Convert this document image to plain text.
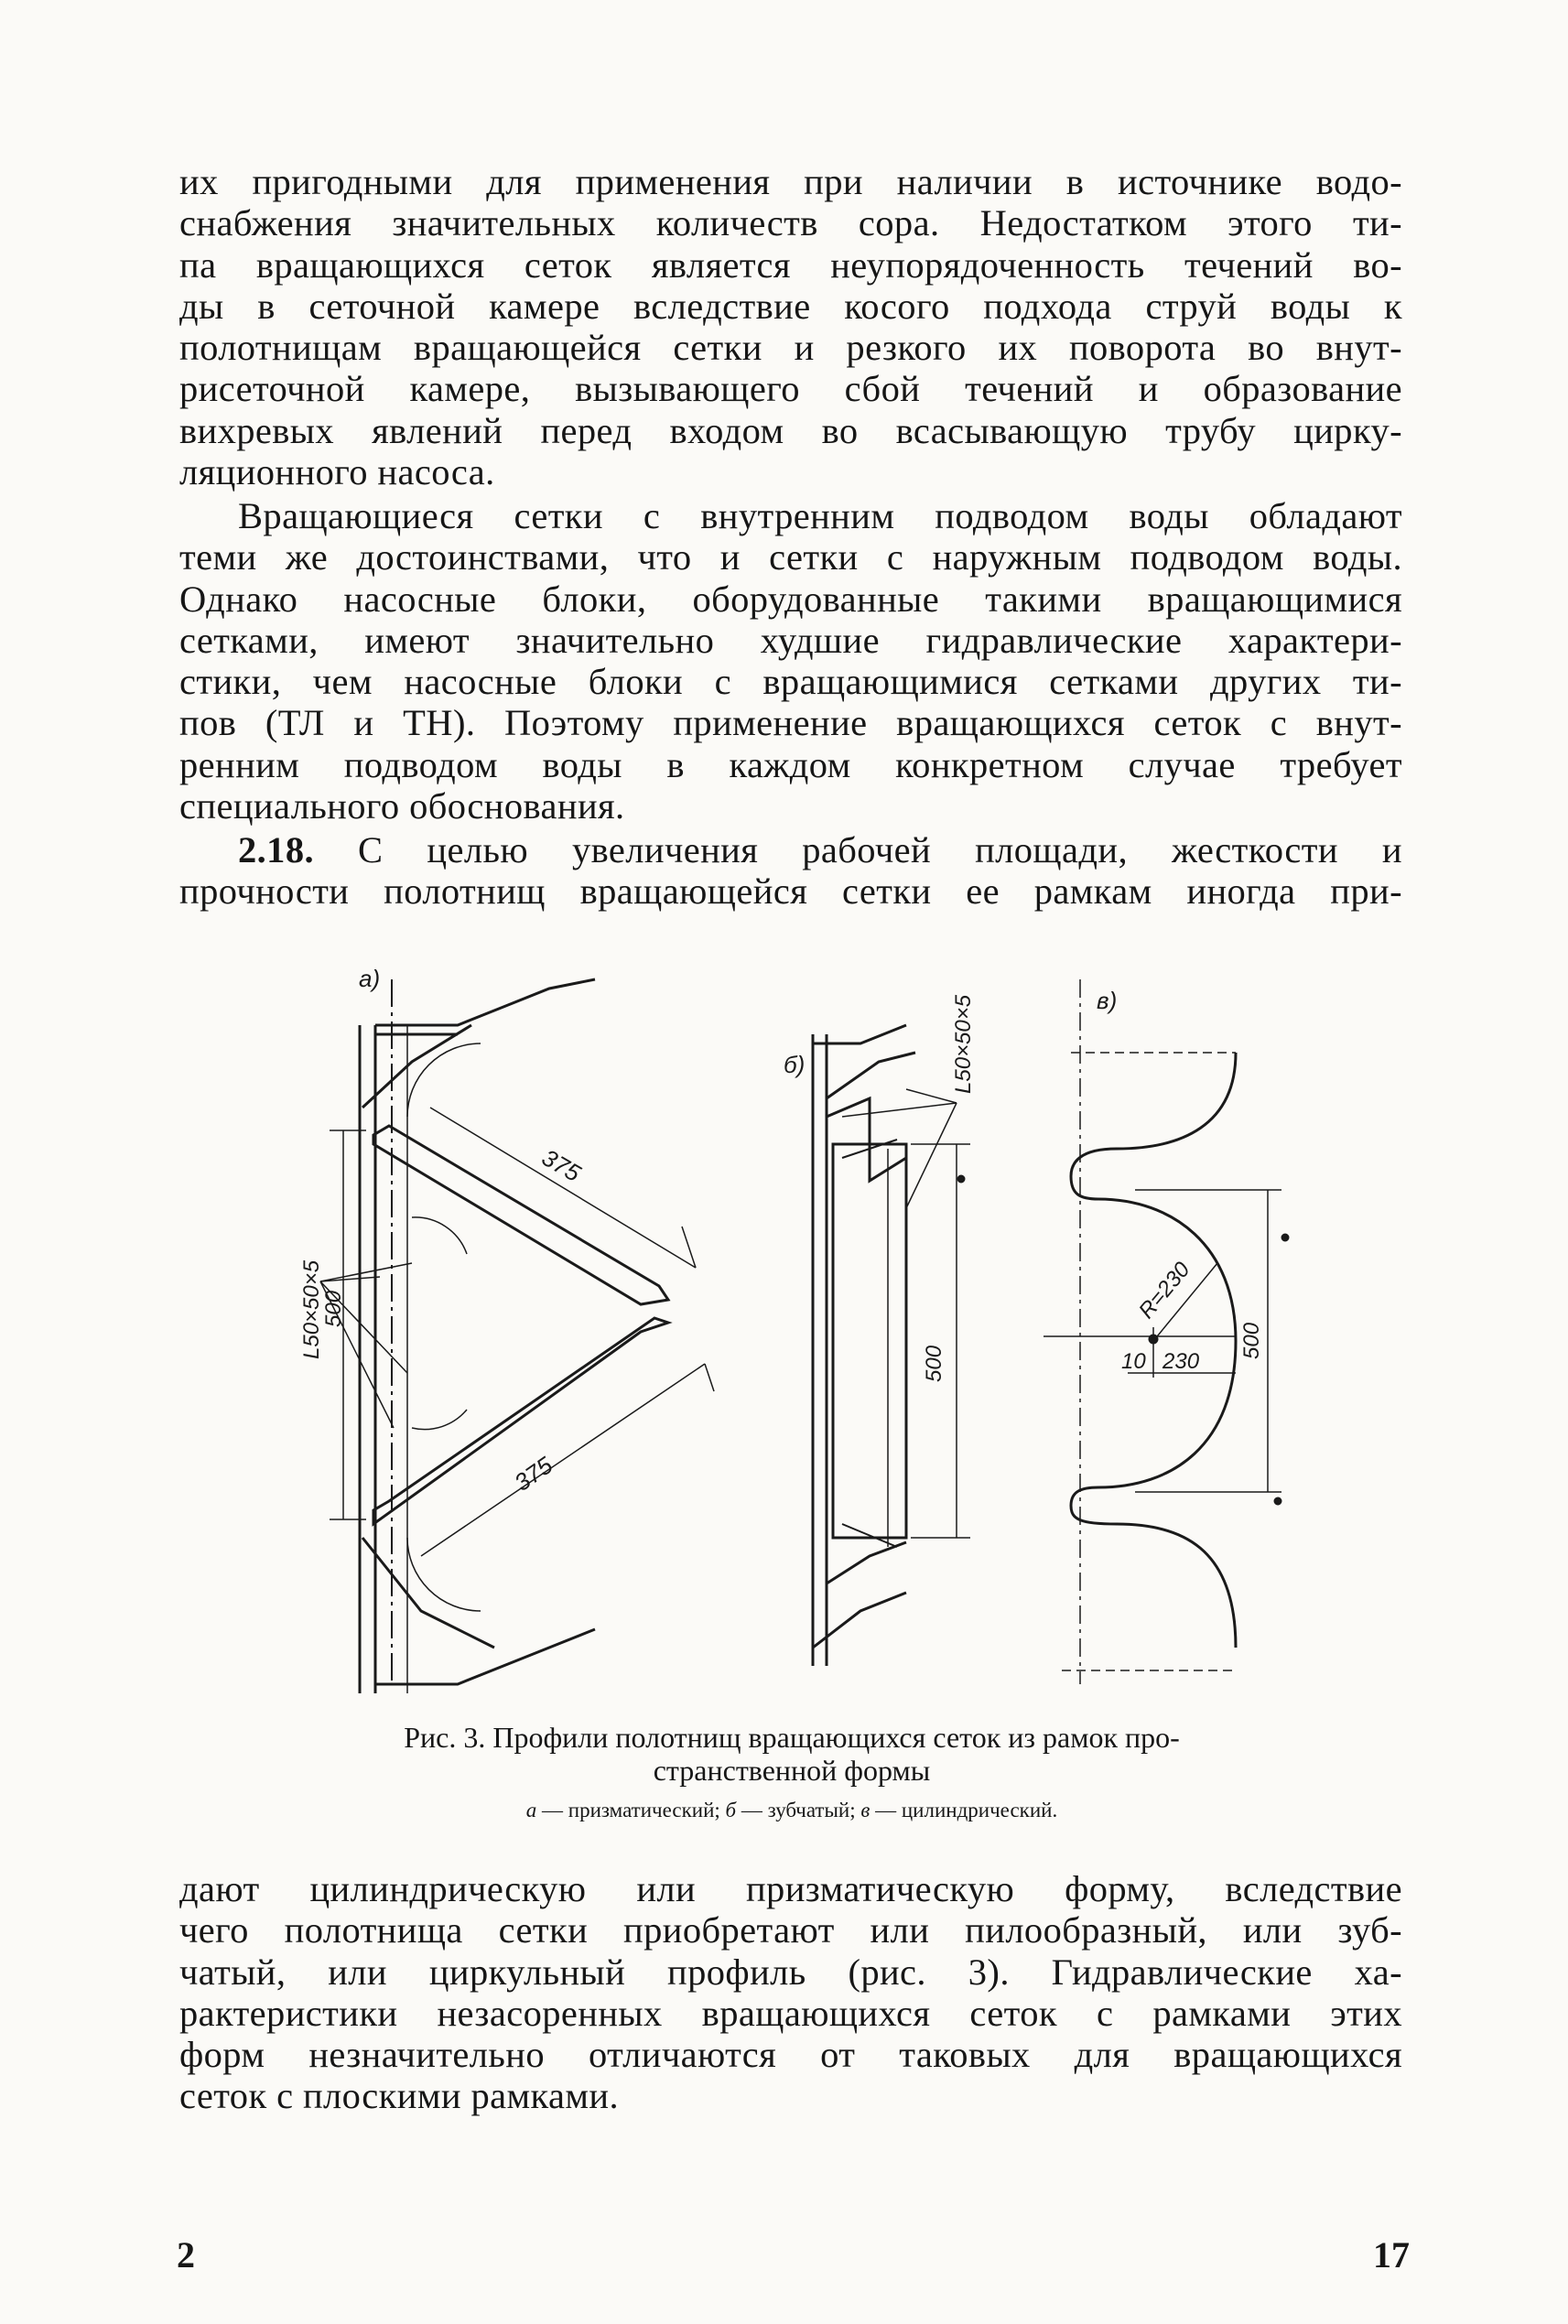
их пригодными для применения при наличии в источнике водо-
снабжения значительных количеств сора. Недостатком этого ти-
па вращающихся сеток является неупорядоченность течений во-
ды в сеточной камере вследствие косого подхода струй воды к
полотнищам вращающейся сетки и резкого их поворота во внут-
рисеточной камере, вызывающего сбой течений и образование
вихревых явлений перед входом во всасывающую трубу цирку-
ляционного насоса.
Вращающиеся сетки с внутренним подводом воды обладают
теми же достоинствами, что и сетки с наружным подводом воды.
Однако насосные блоки, оборудованные такими вращающимися
сетками, имеют значительно худшие гидравлические характери-
стики, чем насосные блоки с вращающимися сетками других ти-
пов (ТЛ и ТН). Поэтому применение вращающихся сеток с внут-
ренним подводом воды в каждом конкретном случае требует
специального обоснования.
2.18. С целью увеличения рабочей площади, жесткости и
прочности полотнищ вращающейся сетки ее рамкам иногда при-
а)
375
375
L50×50×5
500
б)	L50×50×5
500
в)
R=230
10 230
500
Рис. 3. Профили полотнищ вращающихся сеток из рамок про-
странственной формы
а — призматический; б — зубчатый; в — цилиндрический.
дают цилиндрическую или призматическую форму, вследствие
чего полотнища сетки приобретают или пилообразный, или зуб-
чатый, или циркульный профиль (рис. 3). Гидравлические ха-
рактеристики незасоренных вращающихся сеток с рамками этих
форм незначительно отличаются от таковых для вращающихся
сеток с плоскими рамками.
2	17
